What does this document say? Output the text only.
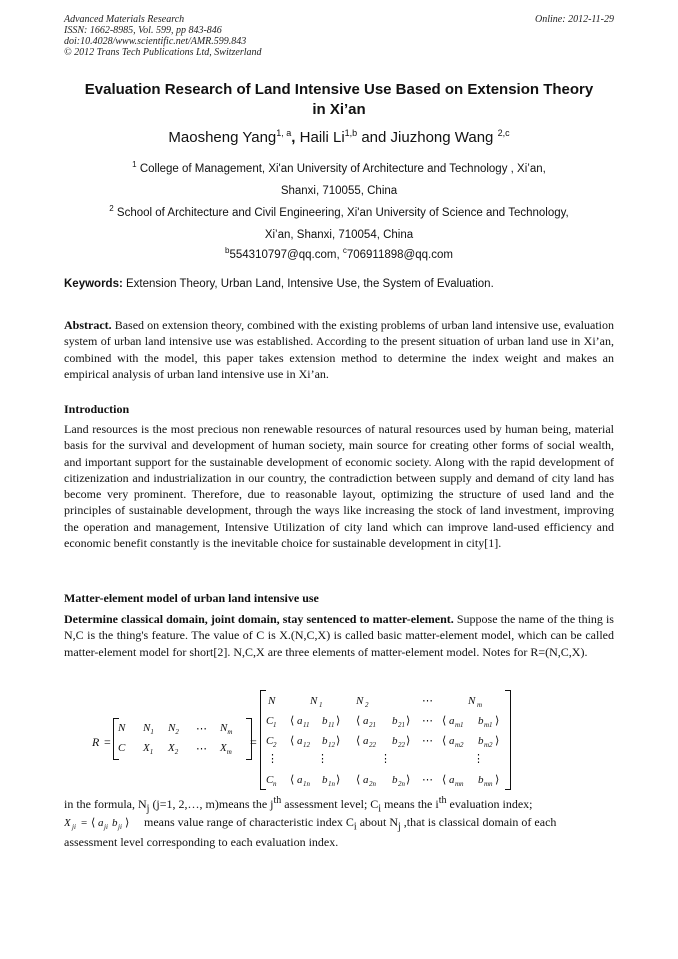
Advanced Materials Research
ISSN: 1662-8985, Vol. 599, pp 843-846
doi:10.4028/www.scientific.net/AMR.599.843
© 2012 Trans Tech Publications Ltd, Switzerland
Online: 2012-11-29
Evaluation Research of Land Intensive Use Based on Extension Theory
in Xi’an
Maosheng Yang$^{1, a}$, Haili Li$^{1,b}$ and Jiuzhong Wang $^{2,c}$
$^1$ College of Management, Xi'an University of Architecture and Technology , Xi’an,
Shanxi, 710055, China
$^2$ School of Architecture and Civil Engineering, Xi'an University of Science and Technology,
Xi’an, Shanxi, 710054, China
$^b$554310797@qq.com, $^c$706911898@qq.com
Keywords: Extension Theory, Urban Land, Intensive Use, the System of Evaluation.
Abstract. Based on extension theory, combined with the existing problems of urban land intensive use, evaluation system of urban land intensive use was established. According to the present situation of urban land use in Xi’an, combined with the model, this paper takes extension method to determine the index weight and makes an empirical analysis of urban land intensive use in Xi’an.
Introduction
Land resources is the most precious non renewable resources of natural resources used by human being, material basis for the survival and development of human society, main source for creating other forms of social wealth, and important support for the sustainable development of economic society. Along with the rapid development of citizenization and industrialization in our country, the contradiction between supply and demand of city land has become very prominent. Therefore, due to reasonable layout, optimizing the structure of used land and the principles of sustainable development, through the ways like increasing the stock of land investment, improving the operation and management, Intensive Utilization of city land which can improve land-used efficiency and economic benefit constantly is the inevitable choice for sustainable development in city[1].
Matter-element model of urban land intensive use
Determine classical domain, joint domain, stay sentenced to matter-element. Suppose the name of the thing is N,C is the thing's feature. The value of C is X.(N,C,X) is called basic matter-element model, which can be called matter-element model for short[2]. N,C,X are three elements of matter-element model. Notes for R=(N,C,X).
R =
N $N_1$ $N_2$ ⋯ $N_m$
C $X_1$ $X_2$ ⋯ $X_m$
=
N	N 1	N 2	⋯	N m
C 1 ⟨ a 11 b 11 ⟩ ⟨ a 21 b 21 ⟩ ⋯ ⟨ a m1 b m1 ⟩
C 2 ⟨ a 12 b 12 ⟩ ⟨ a 22 b 22 ⟩ ⋯ ⟨ a m2 b m2 ⟩
⋮	⋮	⋮	⋮
C n ⟨ a 1n b 1n ⟩ ⟨ a 2n b 2n ⟩ ⋯ ⟨ a mn b mn ⟩
in the formula, $N_j$ (j=1, 2,…, m)means the $j^{th}$ assessment level; $C_i$ means the $i^{th}$ evaluation index;
X ji = ⟨ a ji b ji ⟩ means value range of characteristic index $C_i$ about $N_j$ ,that is classical domain of each
assessment level corresponding to each evaluation index.
